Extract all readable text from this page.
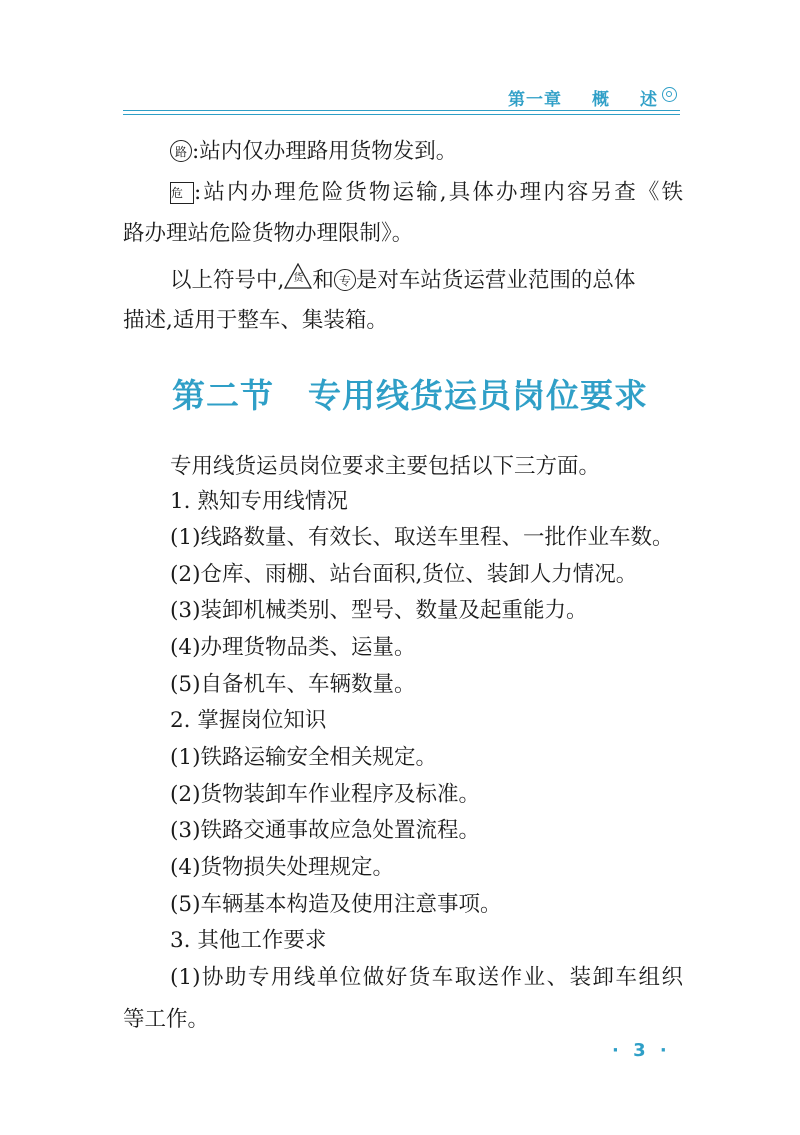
第一章 概 述
路 :站内仅办理路用货物发到。
危 :站内办理危险货物运输,具体办理内容另查《铁
路办理站危险货物办理限制》。
以上符号中, 货 和 专 是对车站货运营业范围的总体
描述,适用于整车、集装箱。
第二节 专用线货运员岗位要求
专用线货运员岗位要求主要包括以下三方面。
1. 熟知专用线情况
(1)线路数量、有效长、取送车里程、一批作业车数。
(2)仓库、雨棚、站台面积,货位、装卸人力情况。
(3)装卸机械类别、型号、数量及起重能力。
(4)办理货物品类、运量。
(5)自备机车、车辆数量。
2. 掌握岗位知识
(1)铁路运输安全相关规定。
(2)货物装卸车作业程序及标准。
(3)铁路交通事故应急处置流程。
(4)货物损失处理规定。
(5)车辆基本构造及使用注意事项。
3. 其他工作要求
(1)协助专用线单位做好货车取送作业、装卸车组织
等工作。
· 3 ·
